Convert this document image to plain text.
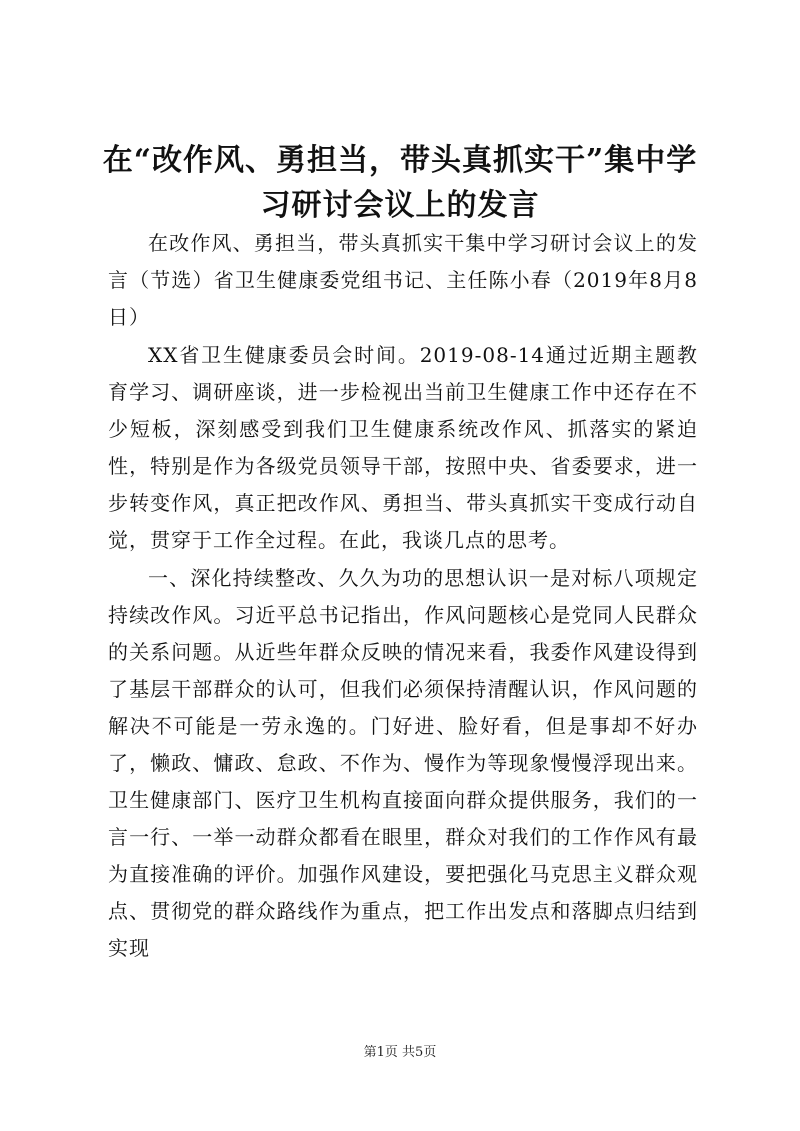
在“改作风、勇担当，带头真抓实干”集中学习研讨会议上的发言

在改作风、勇担当，带头真抓实干集中学习研讨会议上的发言（节选）省卫生健康委党组书记、主任陈小春（2019年8月8日）

XX省卫生健康委员会时间。2019-08-14通过近期主题教育学习、调研座谈，进一步检视出当前卫生健康工作中还存在不少短板，深刻感受到我们卫生健康系统改作风、抓落实的紧迫性，特别是作为各级党员领导干部，按照中央、省委要求，进一步转变作风，真正把改作风、勇担当、带头真抓实干变成行动自觉，贯穿于工作全过程。在此，我谈几点的思考。

一、深化持续整改、久久为功的思想认识一是对标八项规定持续改作风。习近平总书记指出，作风问题核心是党同人民群众的关系问题。从近些年群众反映的情况来看，我委作风建设得到了基层干部群众的认可，但我们必须保持清醒认识，作风问题的解决不可能是一劳永逸的。门好进、脸好看，但是事却不好办了，懒政、慵政、怠政、不作为、慢作为等现象慢慢浮现出来。卫生健康部门、医疗卫生机构直接面向群众提供服务，我们的一言一行、一举一动群众都看在眼里，群众对我们的工作作风有最为直接准确的评价。加强作风建设，要把强化马克思主义群众观点、贯彻党的群众路线作为重点，把工作出发点和落脚点归结到实现

第1页 共5页
